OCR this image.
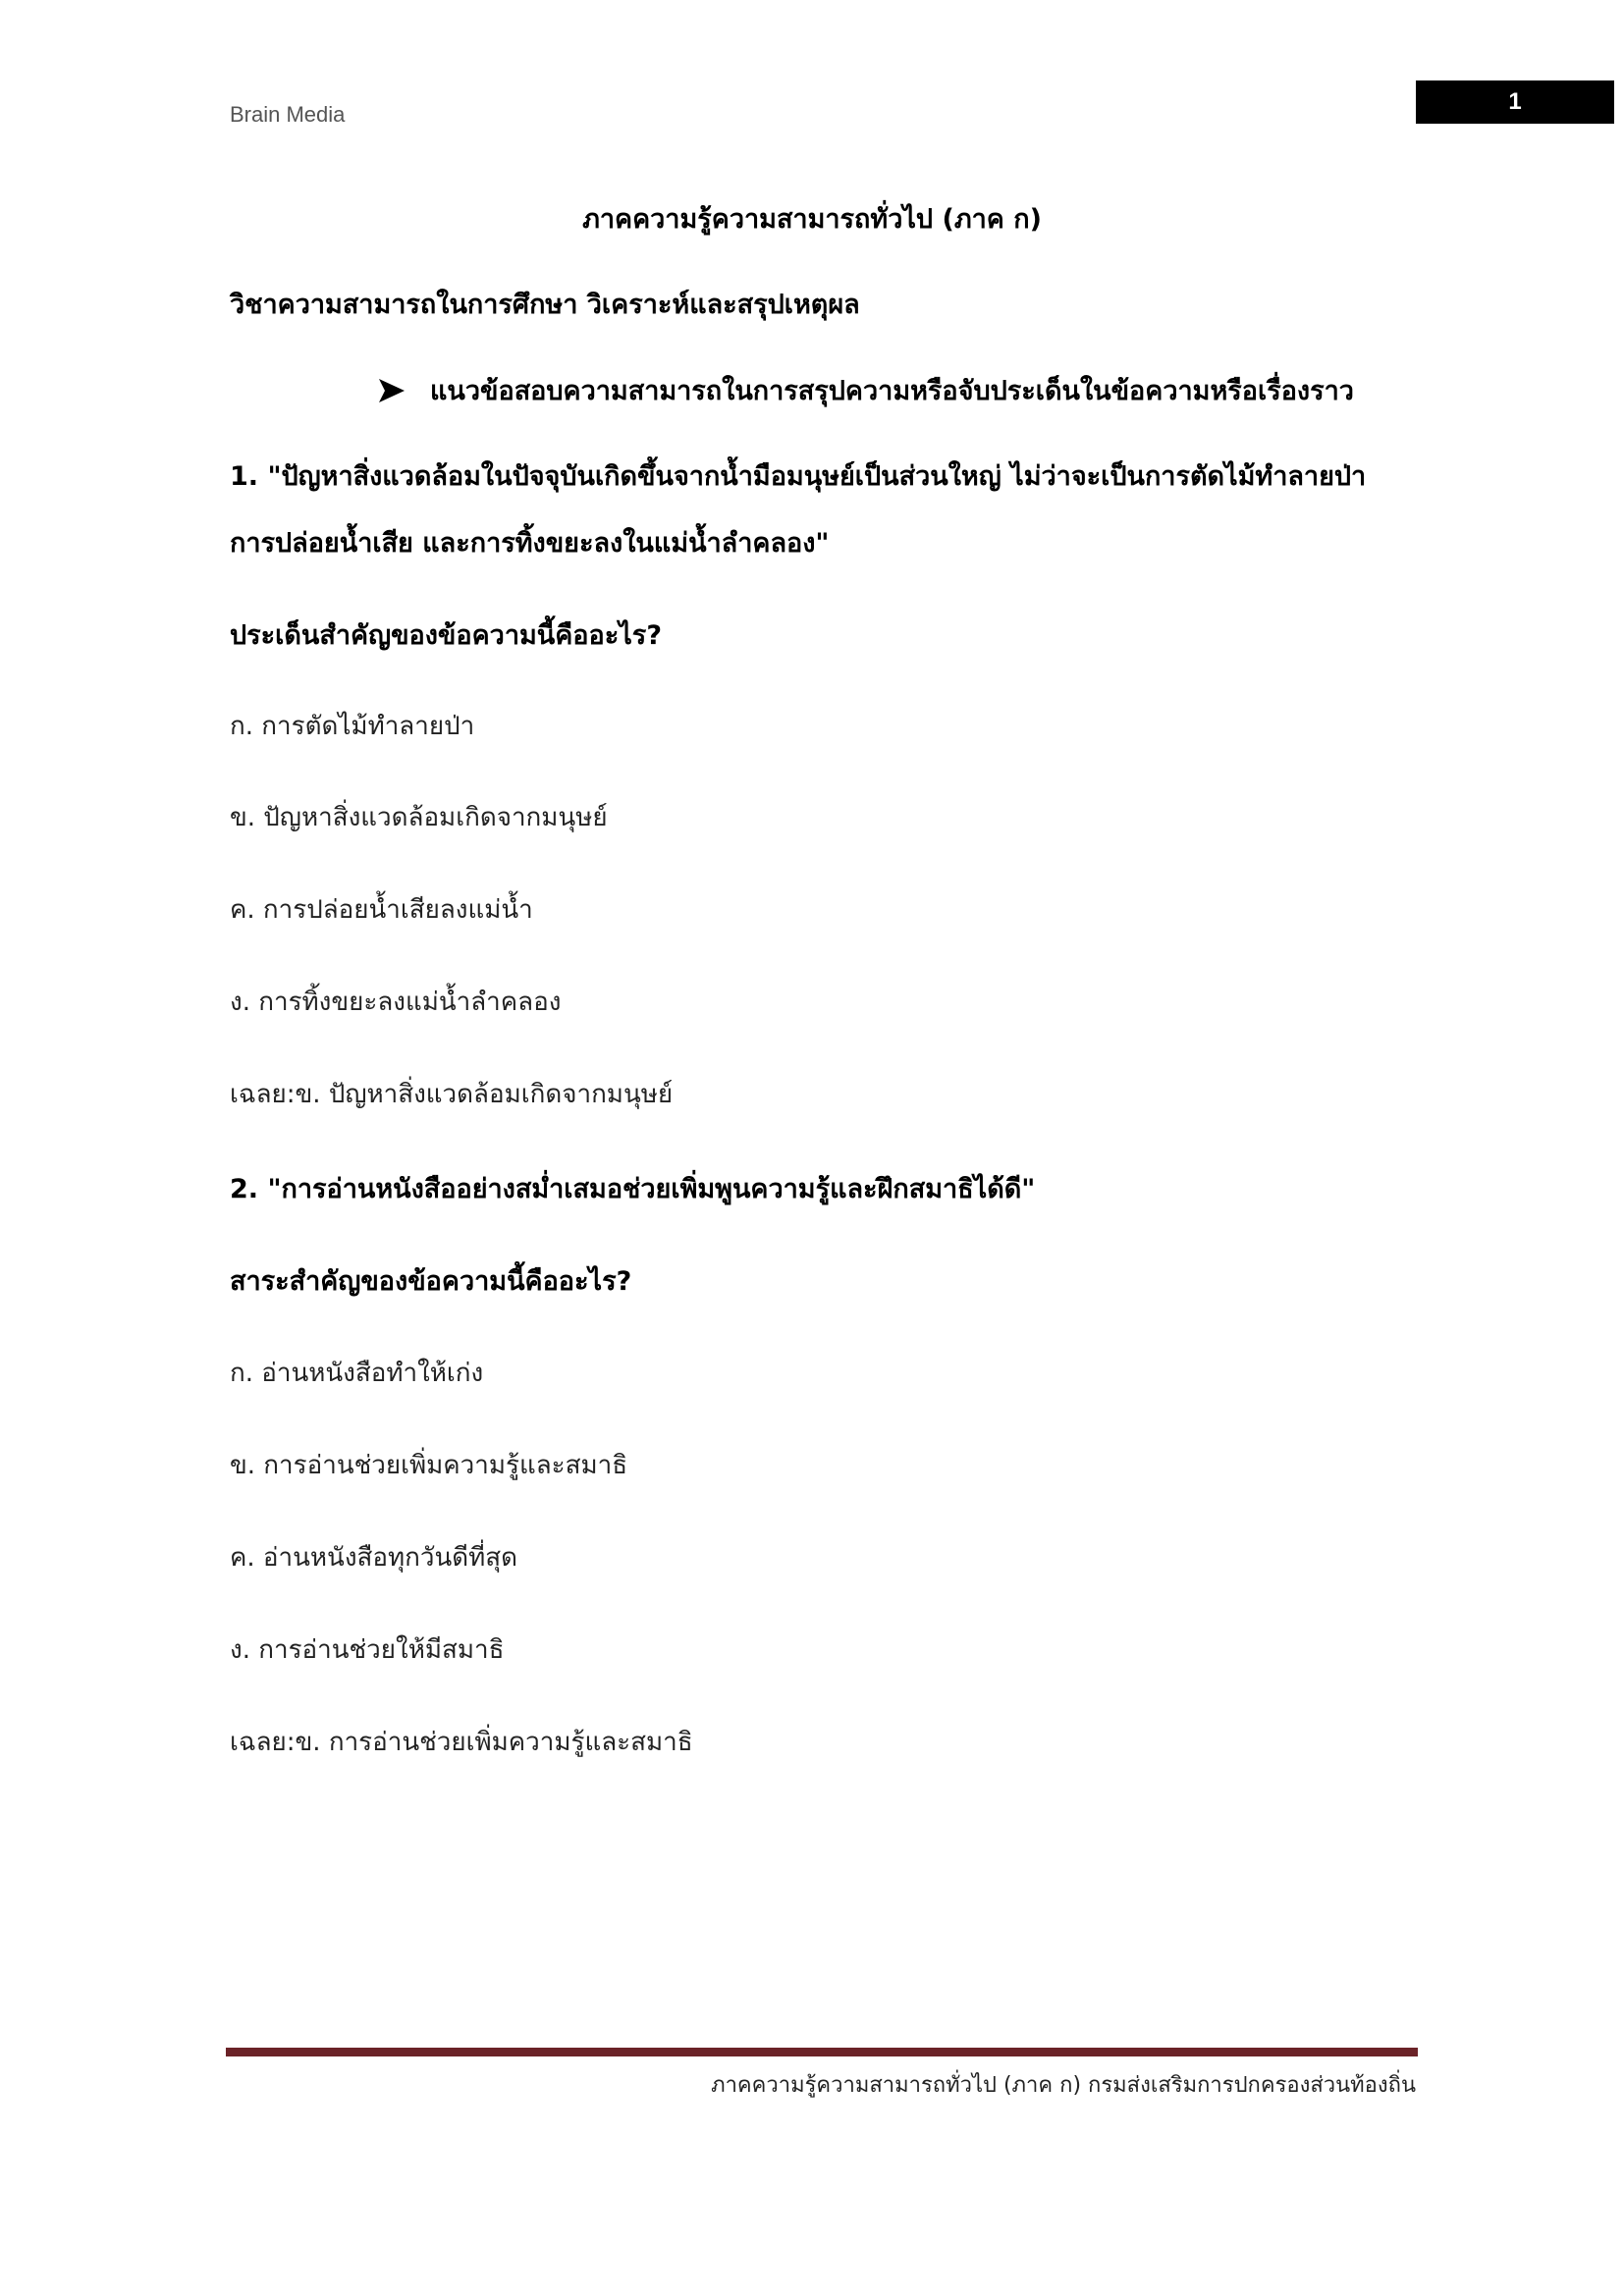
Brain Media	1
ภาคความรู้ความสามารถทั่วไป (ภาค ก)
วิชาความสามารถในการศึกษา วิเคราะห์และสรุปเหตุผล
แนวข้อสอบความสามารถในการสรุปความหรือจับประเด็นในข้อความหรือเรื่องราว
1. "ปัญหาสิ่งแวดล้อมในปัจจุบันเกิดขึ้นจากน้ำมือมนุษย์เป็นส่วนใหญ่ ไม่ว่าจะเป็นการตัดไม้ทำลายป่า
การปล่อยน้ำเสีย และการทิ้งขยะลงในแม่น้ำลำคลอง"
ประเด็นสำคัญของข้อความนี้คืออะไร?
ก. การตัดไม้ทำลายป่า
ข. ปัญหาสิ่งแวดล้อมเกิดจากมนุษย์
ค. การปล่อยน้ำเสียลงแม่น้ำ
ง. การทิ้งขยะลงแม่น้ำลำคลอง
เฉลย:ข. ปัญหาสิ่งแวดล้อมเกิดจากมนุษย์
2. "การอ่านหนังสืออย่างสม่ำเสมอช่วยเพิ่มพูนความรู้และฝึกสมาธิได้ดี"
สาระสำคัญของข้อความนี้คืออะไร?
ก. อ่านหนังสือทำให้เก่ง
ข. การอ่านช่วยเพิ่มความรู้และสมาธิ
ค. อ่านหนังสือทุกวันดีที่สุด
ง. การอ่านช่วยให้มีสมาธิ
เฉลย:ข. การอ่านช่วยเพิ่มความรู้และสมาธิ
ภาคความรู้ความสามารถทั่วไป (ภาค ก) กรมส่งเสริมการปกครองส่วนท้องถิ่น
